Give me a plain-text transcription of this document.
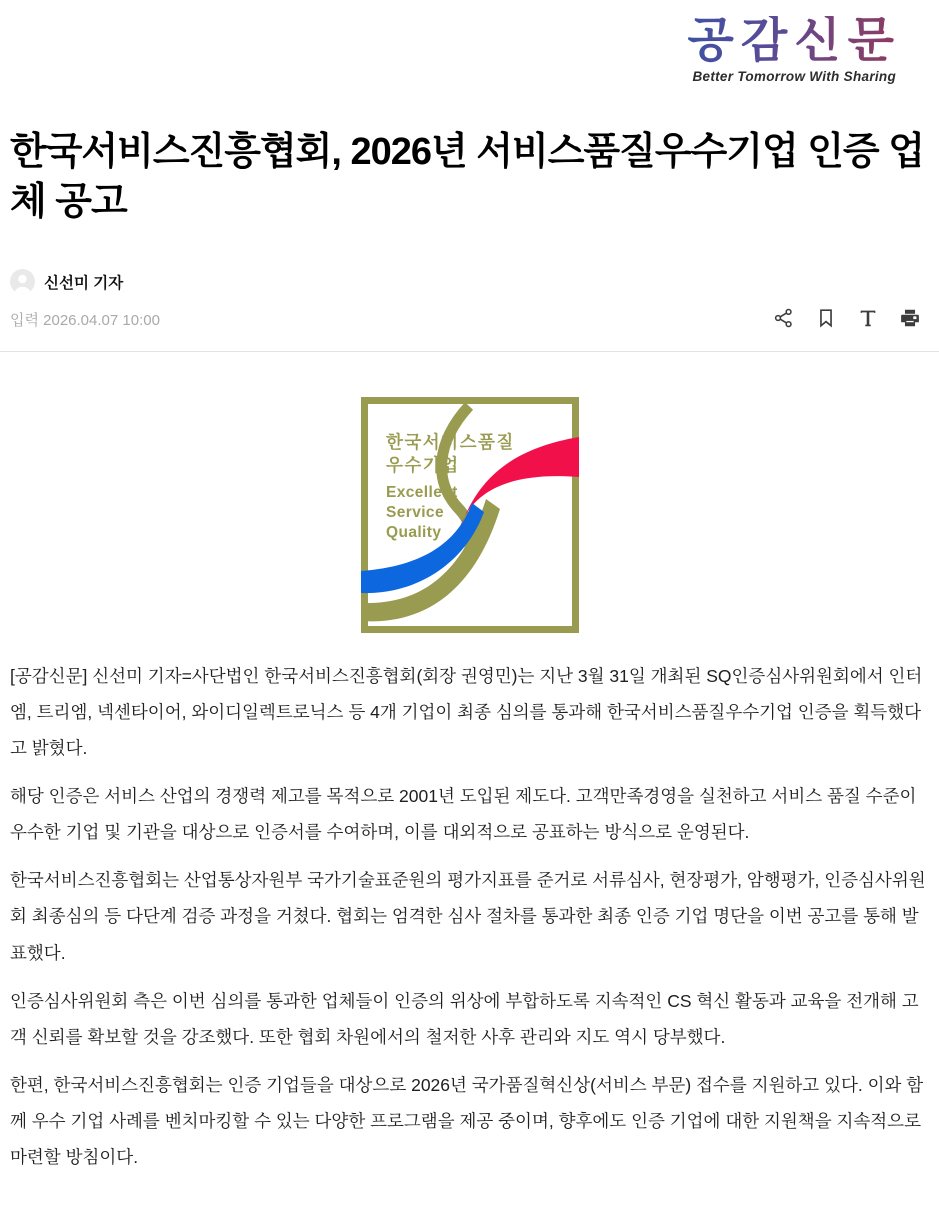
공감신문
Better Tomorrow With Sharing
한국서비스진흥협회, 2026년 서비스품질우수기업 인증 업체 공고
신선미 기자
입력 2026.04.07 10:00
한국서비스품질
우수기업
Excellent
Service
Quality

[공감신문] 신선미 기자=사단법인 한국서비스진흥협회(회장 권영민)는 지난 3월 31일 개최된 SQ인증심사위원회에서 인터엠, 트리엠, 넥센타이어, 와이디일렉트로닉스 등 4개 기업이 최종 심의를 통과해 한국서비스품질우수기업 인증을 획득했다고 밝혔다.

해당 인증은 서비스 산업의 경쟁력 제고를 목적으로 2001년 도입된 제도다. 고객만족경영을 실천하고 서비스 품질 수준이 우수한 기업 및 기관을 대상으로 인증서를 수여하며, 이를 대외적으로 공표하는 방식으로 운영된다.

한국서비스진흥협회는 산업통상자원부 국가기술표준원의 평가지표를 준거로 서류심사, 현장평가, 암행평가, 인증심사위원회 최종심의 등 다단계 검증 과정을 거쳤다. 협회는 엄격한 심사 절차를 통과한 최종 인증 기업 명단을 이번 공고를 통해 발표했다.

인증심사위원회 측은 이번 심의를 통과한 업체들이 인증의 위상에 부합하도록 지속적인 CS 혁신 활동과 교육을 전개해 고객 신뢰를 확보할 것을 강조했다. 또한 협회 차원에서의 철저한 사후 관리와 지도 역시 당부했다.

한편, 한국서비스진흥협회는 인증 기업들을 대상으로 2026년 국가품질혁신상(서비스 부문) 접수를 지원하고 있다. 이와 함께 우수 기업 사례를 벤치마킹할 수 있는 다양한 프로그램을 제공 중이며, 향후에도 인증 기업에 대한 지원책을 지속적으로 마련할 방침이다.
